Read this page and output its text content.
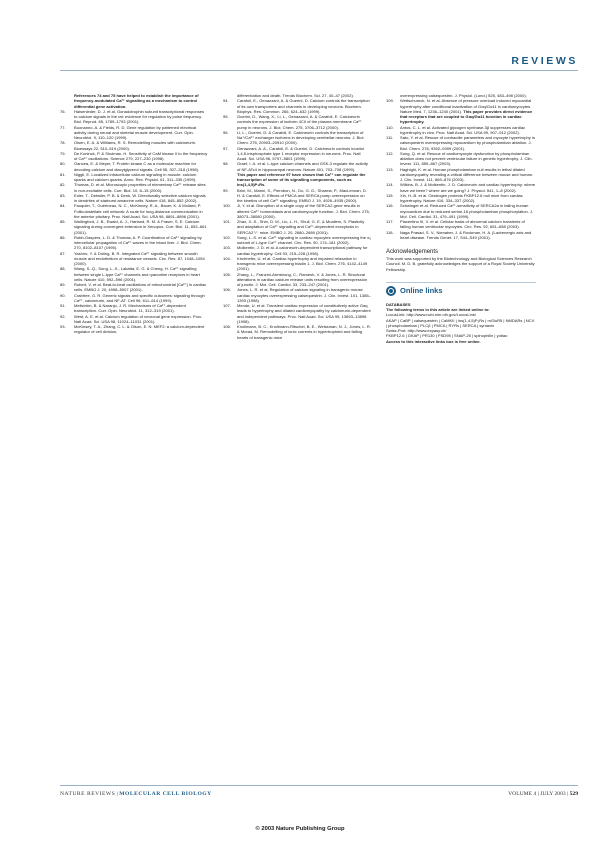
REVIEWS
References 74 and 75 have helped to establish the importance of frequency-modulated Ca²⁺ signalling as a mechanism to control differential gene activation.
76.	Haisenleder, D. J. et al. Gonadotrophin subunit transcriptional responses to calcium signals in the rat: evidence for regulation by pulse frequency. Biol. Reprod. 65, 1789–1793 (2001).
77.	Buonanno, A. & Fields, R. D. Gene regulation by patterned electrical activity during neural and skeletal muscle development. Curr. Opin. Neurobiol. 9, 110–120 (1999).
78.	Olsen, E. A. & Williams, R. S. Remodelling muscles with calcineurin. Bioessays 22, 510–519 (2000).
79.	De Koninck, P. & Shulman, H. Sensitivity of CaM kinase II to the frequency of Ca²⁺ oscillations. Science 279, 227–230 (1998).
80.	Oancea, E. & Meyer, T. Protein kinase C as a molecular machine for decoding calcium and diacylglycerol signals. Cell 95, 307–318 (1998).
81.	Niggli, E. Localized intracellular calcium signaling in muscle: calcium sparks and calcium quarks. Annu. Rev. Physiol. 61, 311–335 (1999).
82.	Thomas, D. et al. Microscopic properties of elementary Ca²⁺ release sites in non-excitable cells. Curr. Biol. 10, 8–15 (2000).
83.	Euler, T., Detwiler, P. B. & Denk, W. Directionally selective calcium signals in dendrites of starburst amacrine cells. Nature 418, 845–852 (2002).
84.	Fauquier, T., Guérineau, N. C., McKinney, R. A., Bauer, K. & Mollard, P. Folliculostellate cell network: A route for long-distance communication in the anterior pituitary. Proc. Natl Acad. Sci. USA 98, 8891–8896 (2001).
85.	Wallingford, J. B., Ewald, A. J., Harland, R. M. & Fraser, S. E. Calcium signaling during convergent extension in Xenopus. Curr. Biol. 11, 652–661 (2001).
86.	Robb-Gaspers, L. D. & Thomas, A. P. Coordination of Ca²⁺ signaling by intercellular propagation of Ca²⁺ waves in the intact liver. J. Biol. Chem. 270, 8102–8107 (1995).
87.	Yashiro, Y. & Duling, B. R. Integrated Ca²⁺ signaling between smooth muscle and endothelium of resistance vessels. Circ. Res. 87, 1048–1054 (2000).
88.	Wang, S.-Q., Song, L.-S., Lakatta, E. G. & Cheng, H. Ca²⁺ signalling between single L-type Ca²⁺ channels and ryanodine receptors in heart cells. Nature 410, 592–596 (2001).
89.	Robert, V. et al. Beat-to-beat oscillations of mitochondrial [Ca²⁺] in cardiac cells. EMBO J. 20, 4998–5007 (2001).
90.	Crabtree, G. R. Generic signals and specific outcomes: signaling through Ca²⁺, calcineurin, and NF-AT. Cell 96, 611–614 (1999).
91.	Mellström, B. & Naranjo, J. R. Mechanisms of Ca²⁺-dependent transcription. Curr. Opin. Neurobiol. 11, 312–319 (2001).
92.	West, A. E. et al. Calcium regulation of neuronal gene expression. Proc. Natl Acad. Sci. USA 98, 11024–11031 (2001).
93.	McKinsey, T. A., Zhang, C. L. & Olson, E. N. MEF2: a calcium-dependent regulator of cell division,
differentiation and death. Trends Biochem. Sci. 27, 40–47 (2002).
94.	Carafoli, E., Genazzani, A. & Guerini, D. Calcium controls the transcription of its own transporters and channels in developing neurons. Biochem. Biophys. Res. Commun. 266, 624–632 (1999).
95.	Guerini, D., Wang, X., Li, L., Genazzani, A. & Carafoli, E. Calcineurin controls the expression of isoform 4CII of the plasma membrane Ca²⁺ pump in neurons. J. Biol. Chem. 275, 3706–3712 (2000).
96.	Li, L., Guerini, D. & Carafoli, E. Calcineurin controls the transcription of Na⁺/Ca²⁺ exchanger isoforms in developing cerebellar neurons. J. Biol. Chem. 275, 20903–20910 (2000).
97.	Genazzani, A. A., Carafoli, E. & Guerini, D. Calcineurin controls inositol 1,4,5-trisphosphate type 1 receptor expression in neurons. Proc. Natl Acad. Sci. USA 96, 5797–5801 (1999).
98.	Graef, I. A. et al. L-type calcium channels and GSK-3 regulate the activity of NF-ATc4 in hippocampal neurons. Nature 401, 703–708 (1999).
This paper and reference 97 have shown that Ca²⁺ can regulate the transcription of some of its signalling components, such as Ins(1,4,5)P₃Rs.
99.	Brini, M., Manni, S., Pierobon, N., Du, G. G., Sharma, P., MacLennan, D. H. & Carafoli, E. Effects of PMCA and SERCA pump overexpression on the kinetics of cell Ca²⁺ signalling. EMBO J. 19, 4926–4935 (2000).
100.	Ji, Y. et al. Disruption of a single copy of the SERCA2 gene results in altered Ca²⁺ homeostasis and cardiomyocyte function. J. Biol. Chem. 275, 38073–38080 (2000).
101.	Zhao, X.-S., Shin, D. M., Liu, L. H., Shull, G. E. & Muallem, S. Plasticity and adaptation of Ca²⁺ signalling and Ca²⁺-dependent exocytosis in SERCA2⁺/⁻ mice. EMBO J. 20, 2680–2689 (2001).
102.	Song, L.-S. et al. Ca²⁺ signaling in cardiac myocytes overexpressing the α₁ subunit of L-type Ca²⁺ channel. Circ. Res. 90, 174–181 (2002).
103.	Molkentin, J. D. et al. A calcineurin-dependent transcriptional pathway for cardiac hypertrophy. Cell 93, 215–228 (1998).
104.	Kirchhefer, U. et al. Cardiac hypertrophy and impaired relaxation in transgenic mice overexpressing triadin 1. J. Biol. Chem. 276, 4142–4149 (2001).
105.	Zhang, L., Franzini-Armstrong, C., Ramesh, V. & Jones, L. R. Structural alterations in cardiac calcium release units resulting from overexpression of junctin. J. Mol. Cell. Cardiol. 33, 233–247 (2001).
106.	Jones, L. R. et al. Regulation of calcium signaling in transgenic mouse cardiac myocytes overexpressing calsequestrin. J. Clin. Invest. 101, 1385–1393 (1998).
107.	Mende, U. et al. Transient cardiac expression of constitutively active Gαq leads to hypertrophy and dilated cardiomyopathy by calcineurin-dependent and independent pathways. Proc. Natl Acad. Sci. USA 95, 13893–13898 (1998).
108.	Knollmann, B. C., Knollmann-Ritschel, B. E., Weissman, N. J., Jones, L. R. & Morad, M. Remodelling of ionic currents in hypertrophied and failing hearts of transgenic mice
overexpressing calsequestrin. J. Physiol. (Lond.) 525, 483–498 (2000).
109.	Wettschureck, N. et al. Absence of pressure overload induced myocardial hypertrophy after conditional inactivation of Gαq/Gα11 in cardiomyocytes. Nature Med. 7, 1236–1240 (2001). This paper provides direct evidence that receptors that are coupled to Gαq/Gα11 function in cardiac hypertrophy.
110.	Antos, C. L. et al. Activated glycogen synthase-3β suppresses cardiac hypertrophy in vivo. Proc. Natl Acad. Sci. USA 99, 907–912 (2002).
111.	Sato, Y. et al. Rescue of contractile parameters and myocyte hypertrophy in calsequestrin overexpressing myocardium by phospholamban ablation. J. Biol. Chem. 276, 9392–9399 (2001).
112.	Song, Q. et al. Rescue of cardiomyocyte dysfunction by phospholamban ablation does not prevent ventricular failure in genetic hypertrophy. J. Clin. Invest. 111, 859–867 (2003).
113.	Haghighi, K. et al. Human phospholamban null results in lethal dilated cardiomyopathy revealing a critical difference between mouse and human. J. Clin. Invest. 111, 869–876 (2003).
114.	Wilkins, B. J. & Molkentin, J. D. Calcineurin and cardiac hypertrophy: where have we been? where are we going? J. Physiol. 541, 1–8 (2002).
115.	Xin, H.-B. et al. Oestrogen protects FKBP12.6 null mice from cardiac hypertrophy. Nature 416, 334–337 (2002).
116.	Schwinger et al. Reduced Ca²⁺-sensitivity of SERCA2a in failing human myocardium due to reduced serine-16 phospholamban phosphorylation. J. Mol. Cell. Cardiol. 31, 479–491 (1999).
117.	Piacentino III, V. et al. Cellular basis of abnormal calcium transients of failing human ventricular myocytes. Circ. Res. 92, 651–658 (2003).
118.	Naga Prasad, S. V., Nienaber, J. & Rockman, H. A. β-adrenergic axis and heart disease. Trends Genet. 17, S44–S49 (2001).
Acknowledgements
This work was supported by the Biotechnology and Biological Sciences Research Council. M. D. B. gratefully acknowledges the support of a Royal Society University Fellowship.
Online links
DATABASES
The following terms in this article are linked online to:
LocusLink: http://www.ncbi.nlm.nih.gov/LocusLink/
AKAP | CaBP | calsequestrin | CaMKII | Ins(1,4,5)P₃Rs | mGluR5 | NMDARs | NCX | phospholamban | PLCβ | PMCA | RYRs | SERCA | syntaxin
Swiss-Prot: http://www.expasy.ch/
FKBP12.6 | GKAP | PR130 | PSD95 | SNAP-25 | spinophilin | yotiao
Access to this interactive links box is free online.
NATURE REVIEWS | MOLECULAR CELL BIOLOGY	VOLUME 4 | JULY 2003 | 529
© 2003 Nature Publishing Group
